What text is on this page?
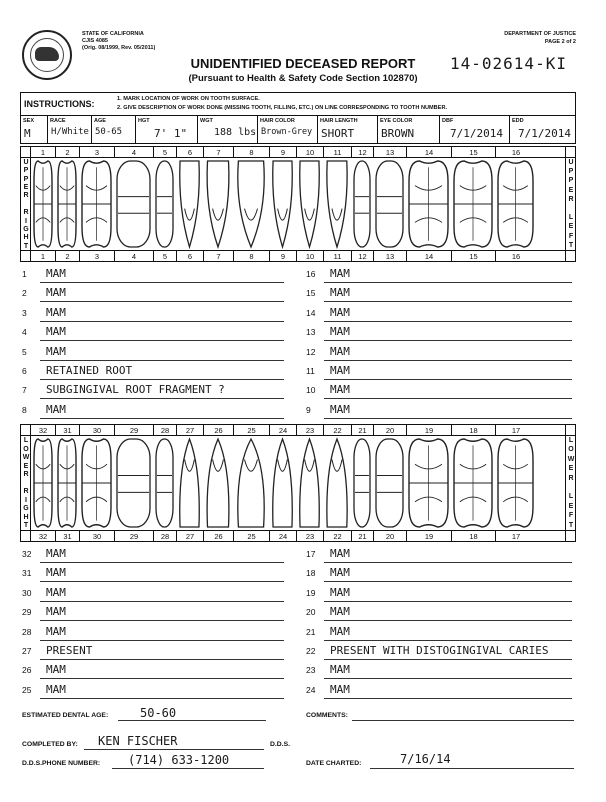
STATE OF CALIFORNIA
CJIS 4085
(Orig. 08/1999, Rev. 05/2011)
DEPARTMENT OF JUSTICE
PAGE 2 of 2
UNIDENTIFIED DECEASED REPORT
(Pursuant to Health & Safety Code Section 102870)
14-02614-KI
INSTRUCTIONS:	1. MARK LOCATION OF WORK ON TOOTH SURFACE.
2. GIVE DESCRIPTION OF WORK DONE (MISSING TOOTH, FILLING, ETC.) ON LINE CORRESPONDING TO TOOTH NUMBER.
SEX
M
RACE
H/White
AGE
50-65
HGT
7' 1"
WGT
188 lbs
HAIR COLOR
Brown-Grey
HAIR LENGTH
SHORT
EYE COLOR
BROWN
DBF
7/1/2014
EDD
7/1/2014
1	2	3	4	5	6	7	8	9	10	11	12	13	14	15	16
1	2	3	4	5	6	7	8	9	10	11	12	13	14	15	16
U
P
P
E
R
R
I
G
H
T
U
P
P
E
R
L
E
F
T
1	MAM
2	MAM
3	MAM
4	MAM
5	MAM
6	RETAINED ROOT
7	SUBGINGIVAL ROOT FRAGMENT ?
8	MAM
16	MAM
15	MAM
14	MAM
13	MAM
12	MAM
11	MAM
10	MAM
9	MAM
32	31	30	29	28	27	26	25	24	23	22	21	20	19	18	17
32	31	30	29	28	27	26	25	24	23	22	21	20	19	18	17
L
O
W
E
R
R
I
G
H
T
L
O
W
E
R
L
E
F
T
32	MAM
31	MAM
30	MAM
29	MAM
28	MAM
27	PRESENT
26	MAM
25	MAM
17	MAM
18	MAM
19	MAM
20	MAM
21	MAM
22	PRESENT WITH DISTOGINGIVAL CARIES
23	MAM
24	MAM
ESTIMATED DENTAL AGE:	50-60	COMMENTS:
COMPLETED BY: KEN FISCHER	D.D.S.
D.D.S.PHONE NUMBER: (714) 633-1200	DATE CHARTED:	7/16/14
